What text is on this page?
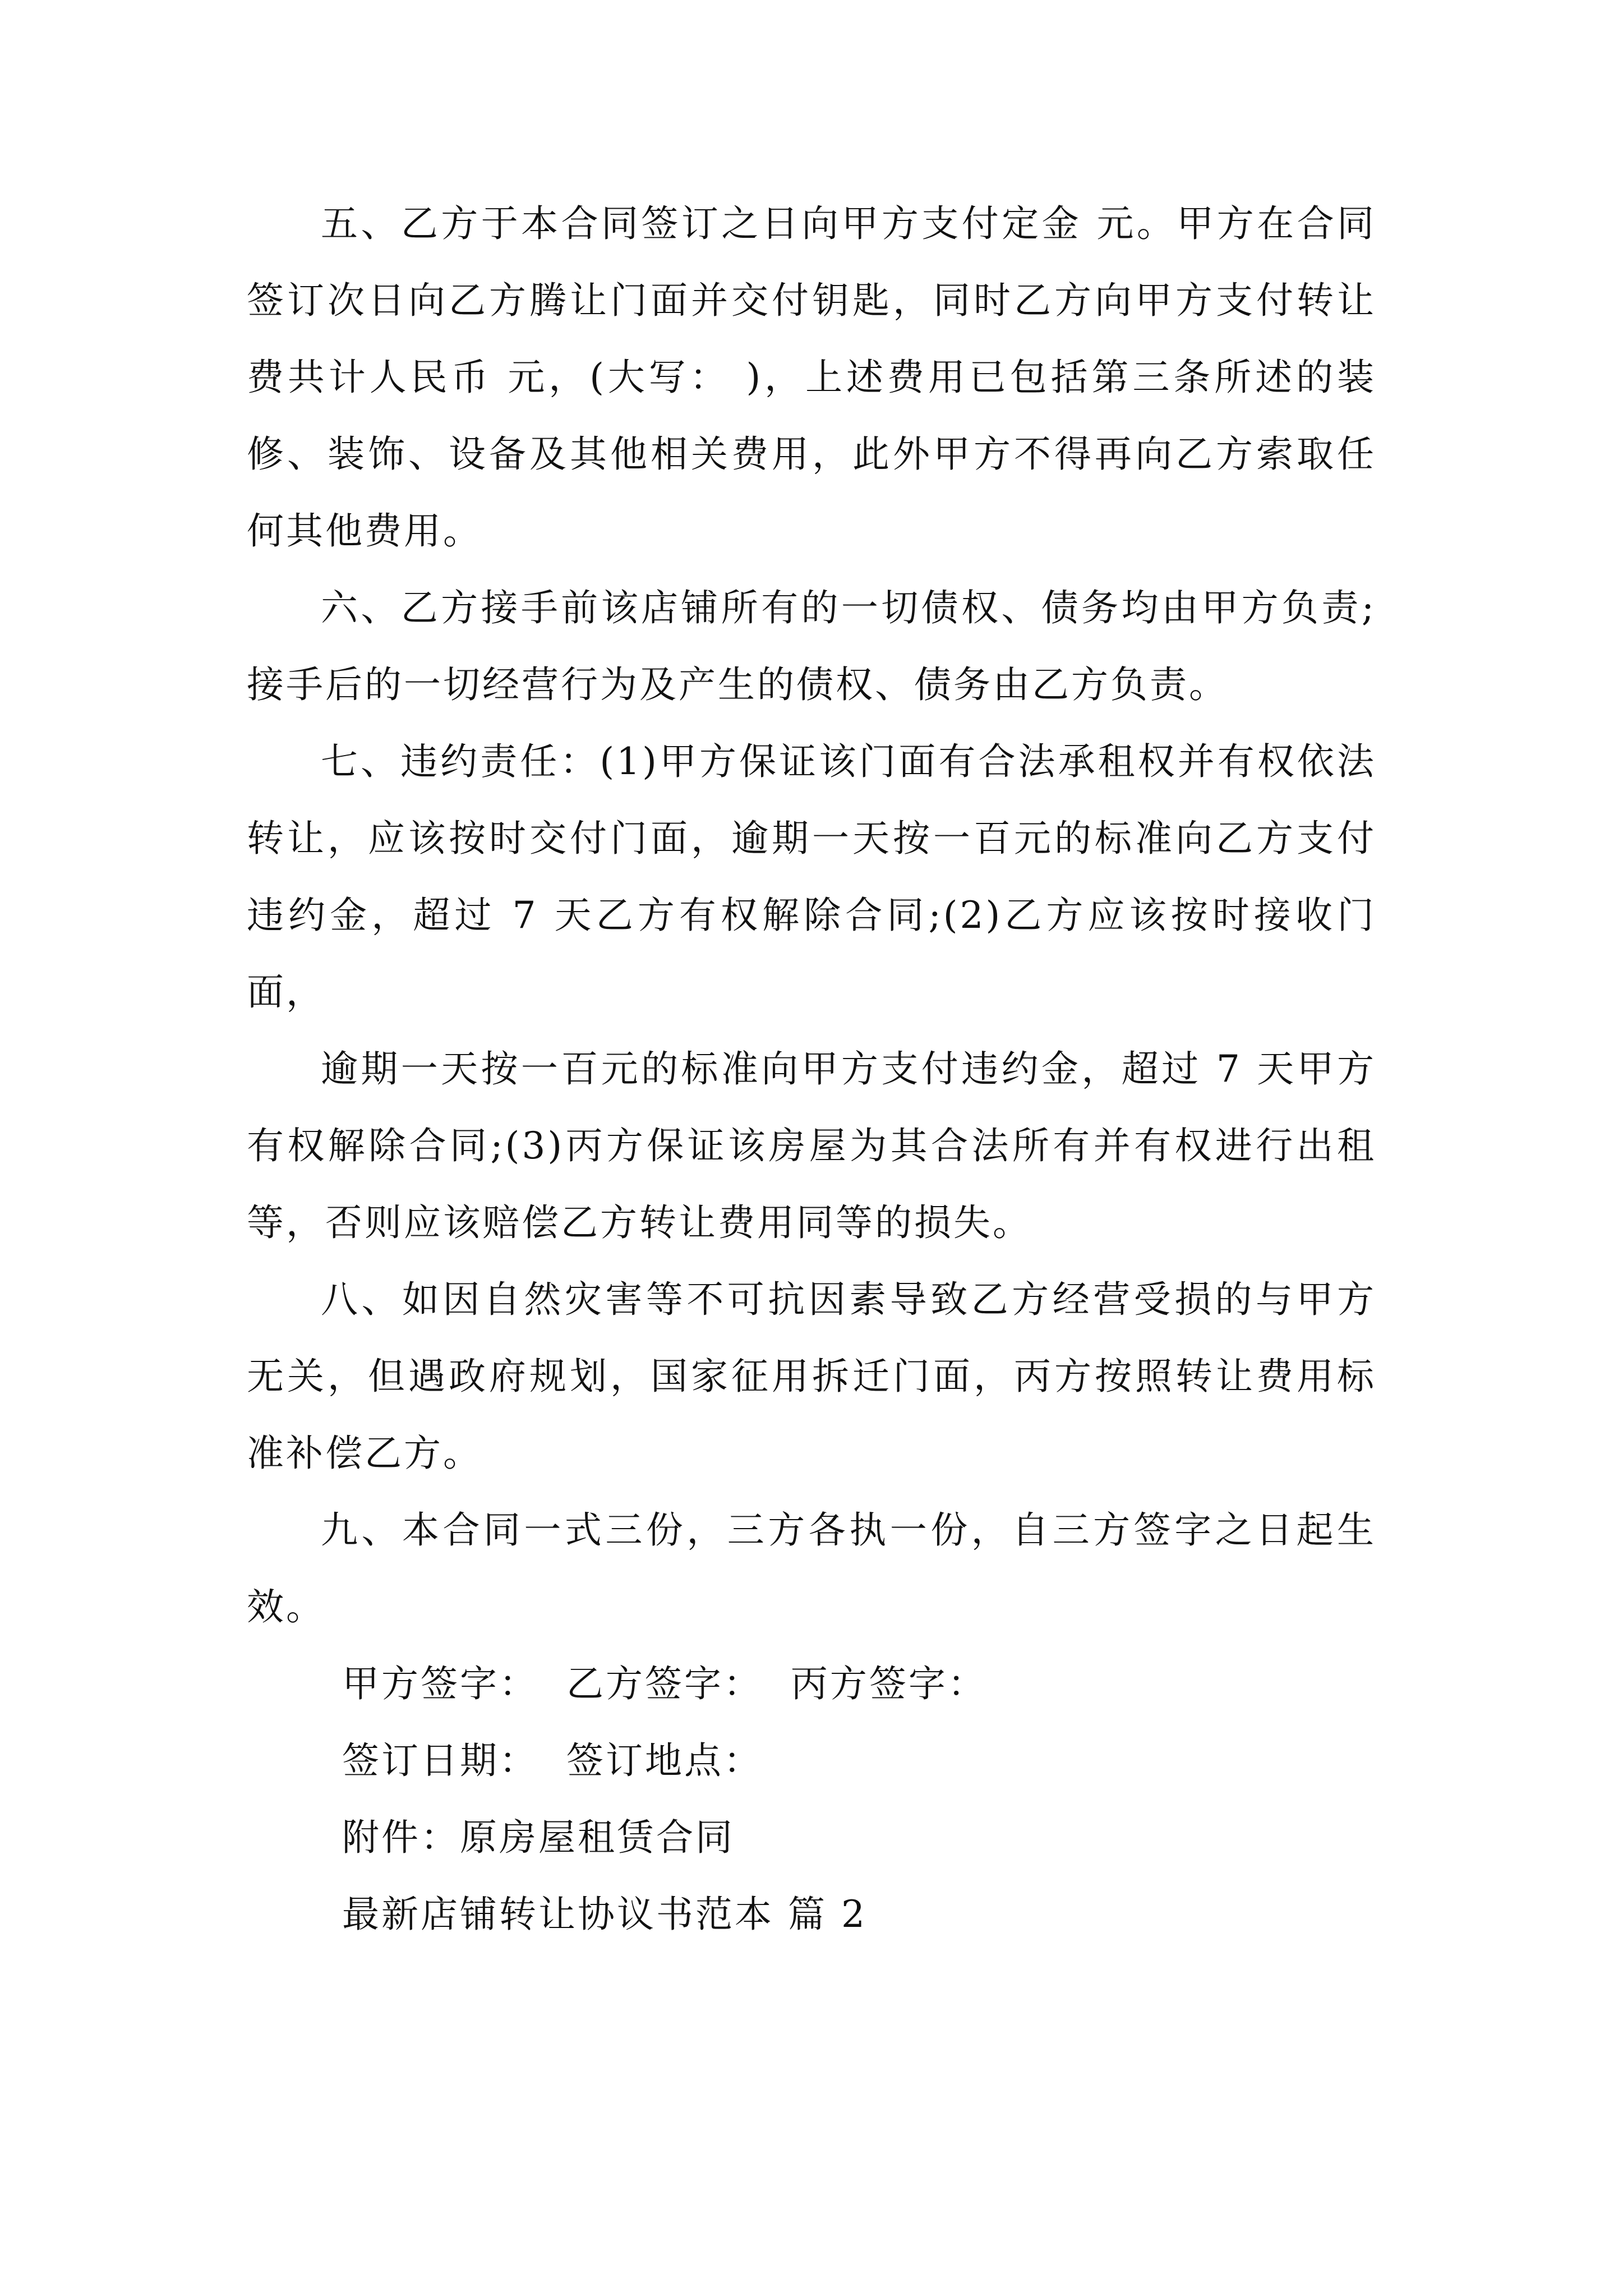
五、乙方于本合同签订之日向甲方支付定金 元。甲方在合同签订次日向乙方腾让门面并交付钥匙，同时乙方向甲方支付转让费共计人民币 元，(大写： )，上述费用已包括第三条所述的装修、装饰、设备及其他相关费用，此外甲方不得再向乙方索取任何其他费用。

六、乙方接手前该店铺所有的一切债权、债务均由甲方负责;接手后的一切经营行为及产生的债权、债务由乙方负责。

七、违约责任：(1)甲方保证该门面有合法承租权并有权依法转让，应该按时交付门面，逾期一天按一百元的标准向乙方支付违约金，超过 7 天乙方有权解除合同;(2)乙方应该按时接收门面，

逾期一天按一百元的标准向甲方支付违约金，超过 7 天甲方有权解除合同;(3)丙方保证该房屋为其合法所有并有权进行出租等，否则应该赔偿乙方转让费用同等的损失。

八、如因自然灾害等不可抗因素导致乙方经营受损的与甲方无关，但遇政府规划，国家征用拆迁门面，丙方按照转让费用标准补偿乙方。

九、本合同一式三份，三方各执一份，自三方签字之日起生效。

甲方签字：  乙方签字：  丙方签字：

签订日期：  签订地点：

附件：原房屋租赁合同

最新店铺转让协议书范本 篇 2
